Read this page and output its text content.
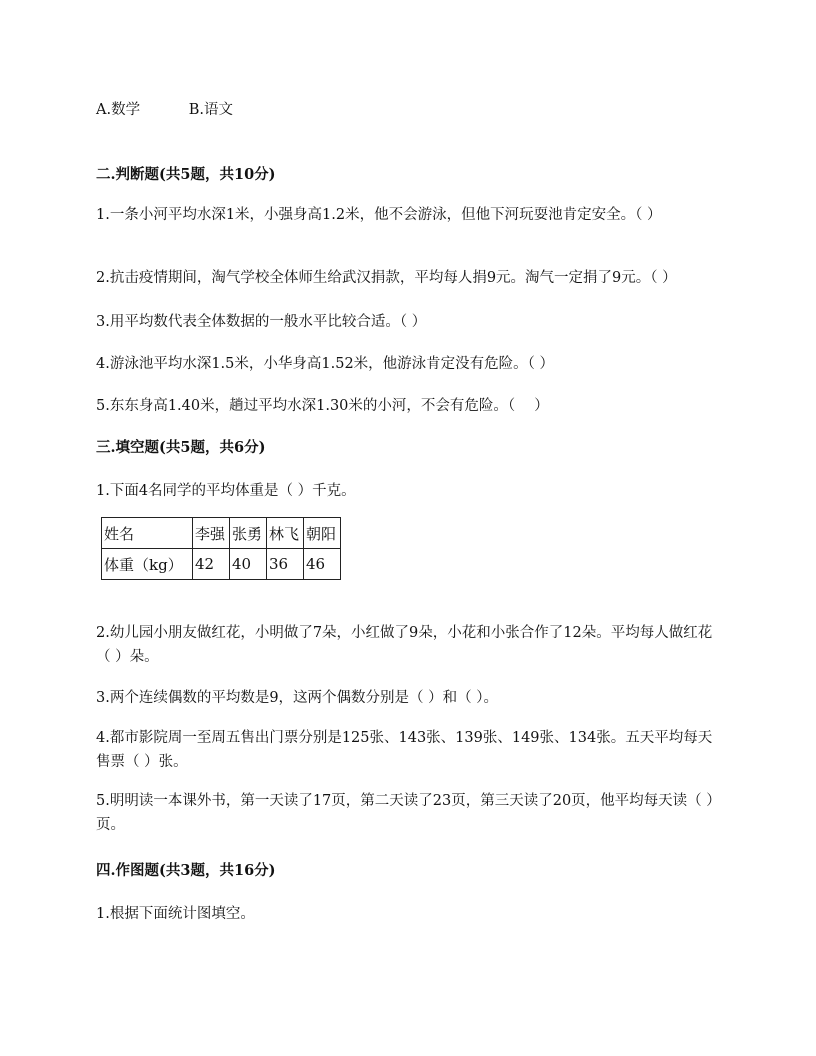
A.数学	B.语文
二.判断题(共5题，共10分)
1.一条小河平均水深1米，小强身高1.2米，他不会游泳，但他下河玩耍池肯定安全。（ ）
2.抗击疫情期间，淘气学校全体师生给武汉捐款，平均每人捐9元。淘气一定捐了9元。（ ）
3.用平均数代表全体数据的一般水平比较合适。（ ）
4.游泳池平均水深1.5米，小华身高1.52米，他游泳肯定没有危险。（ ）
5.东东身高1.40米，趟过平均水深1.30米的小河，不会有危险。（　 ）
三.填空题(共5题，共6分)
1.下面4名同学的平均体重是（ ）千克。
姓名	李强	张勇	林飞	朝阳
体重（kg）	42	40	36	46
2.幼儿园小朋友做红花，小明做了7朵，小红做了9朵，小花和小张合作了12朵。平均每人做红花（ ）朵。
3.两个连续偶数的平均数是9，这两个偶数分别是（ ）和（ ）。
4.都市影院周一至周五售出门票分别是125张、143张、139张、149张、134张。五天平均每天售票（ ）张。
5.明明读一本课外书，第一天读了17页，第二天读了23页，第三天读了20页，他平均每天读（ ）页。
四.作图题(共3题，共16分)
1.根据下面统计图填空。
